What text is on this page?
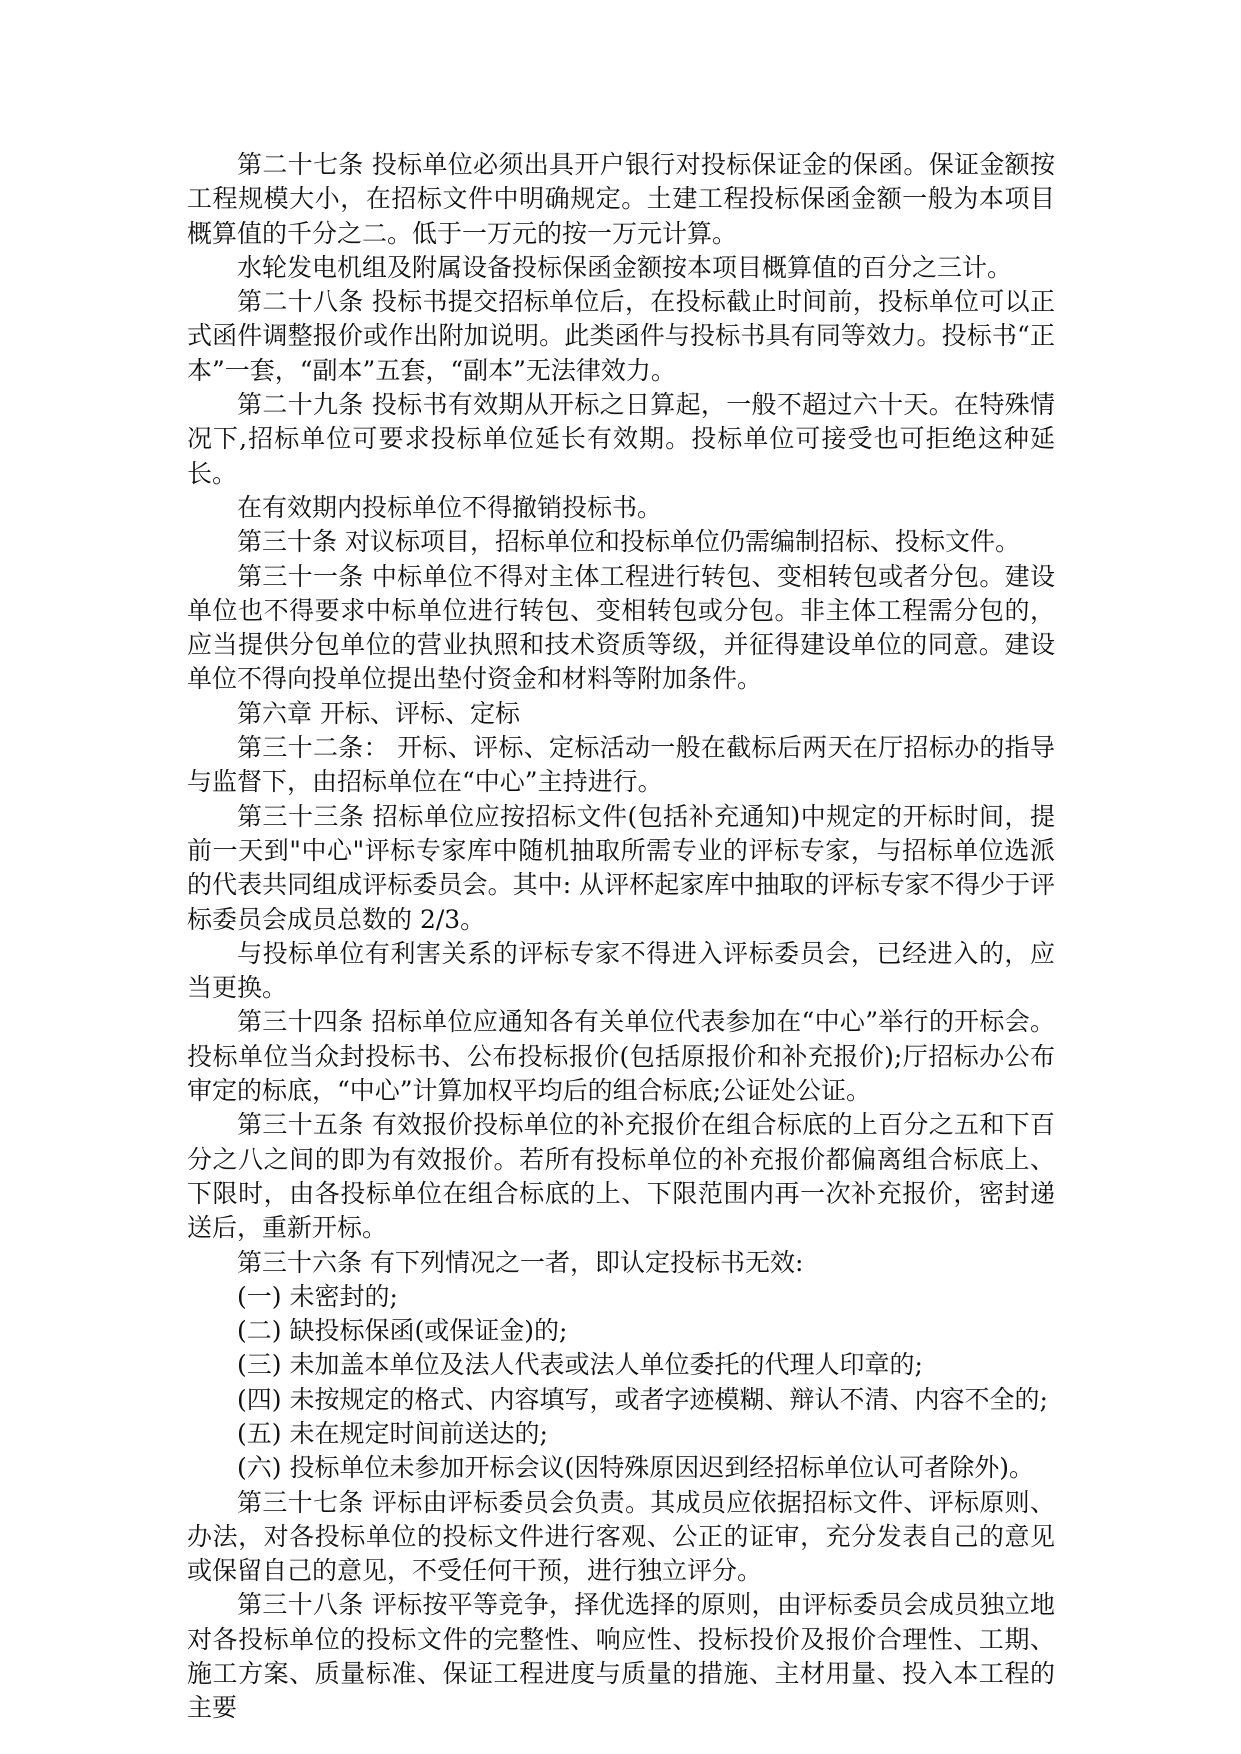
第二十七条 投标单位必须出具开户银行对投标保证金的保函。保证金额按工程规模大小，在招标文件中明确规定。土建工程投标保函金额一般为本项目概算值的千分之二。低于一万元的按一万元计算。

水轮发电机组及附属设备投标保函金额按本项目概算值的百分之三计。

第二十八条 投标书提交招标单位后，在投标截止时间前，投标单位可以正式函件调整报价或作出附加说明。此类函件与投标书具有同等效力。投标书“正本”一套，“副本”五套，“副本”无法律效力。

第二十九条 投标书有效期从开标之日算起，一般不超过六十天。在特殊情况下,招标单位可要求投标单位延长有效期。投标单位可接受也可拒绝这种延长。

在有效期内投标单位不得撤销投标书。

第三十条 对议标项目，招标单位和投标单位仍需编制招标、投标文件。

第三十一条 中标单位不得对主体工程进行转包、变相转包或者分包。建设单位也不得要求中标单位进行转包、变相转包或分包。非主体工程需分包的，应当提供分包单位的营业执照和技术资质等级，并征得建设单位的同意。建设单位不得向投单位提出垫付资金和材料等附加条件。

第六章 开标、评标、定标

第三十二条： 开标、评标、定标活动一般在截标后两天在厅招标办的指导与监督下，由招标单位在“中心”主持进行。

第三十三条 招标单位应按招标文件(包括补充通知)中规定的开标时间，提前一天到"中心"评标专家库中随机抽取所需专业的评标专家，与招标单位选派的代表共同组成评标委员会。其中: 从评杯起家库中抽取的评标专家不得少于评标委员会成员总数的 2/3。

与投标单位有利害关系的评标专家不得进入评标委员会，已经进入的，应当更换。

第三十四条 招标单位应通知各有关单位代表参加在“中心”举行的开标会。投标单位当众封投标书、公布投标报价(包括原报价和补充报价);厅招标办公布审定的标底，“中心”计算加权平均后的组合标底;公证处公证。

第三十五条 有效报价投标单位的补充报价在组合标底的上百分之五和下百分之八之间的即为有效报价。若所有投标单位的补充报价都偏离组合标底上、下限时，由各投标单位在组合标底的上、下限范围内再一次补充报价，密封递送后，重新开标。

第三十六条 有下列情况之一者，即认定投标书无效:

(一) 未密封的;

(二) 缺投标保函(或保证金)的;

(三) 未加盖本单位及法人代表或法人单位委托的代理人印章的;

(四) 未按规定的格式、内容填写，或者字迹模糊、辩认不清、内容不全的;

(五) 未在规定时间前送达的;

(六) 投标单位未参加开标会议(因特殊原因迟到经招标单位认可者除外)。

第三十七条 评标由评标委员会负责。其成员应依据招标文件、评标原则、办法，对各投标单位的投标文件进行客观、公正的证审，充分发表自己的意见或保留自己的意见，不受任何干预，进行独立评分。

第三十八条 评标按平等竞争，择优选择的原则，由评标委员会成员独立地对各投标单位的投标文件的完整性、响应性、投标投价及报价合理性、工期、施工方案、质量标准、保证工程进度与质量的措施、主材用量、投入本工程的主要
